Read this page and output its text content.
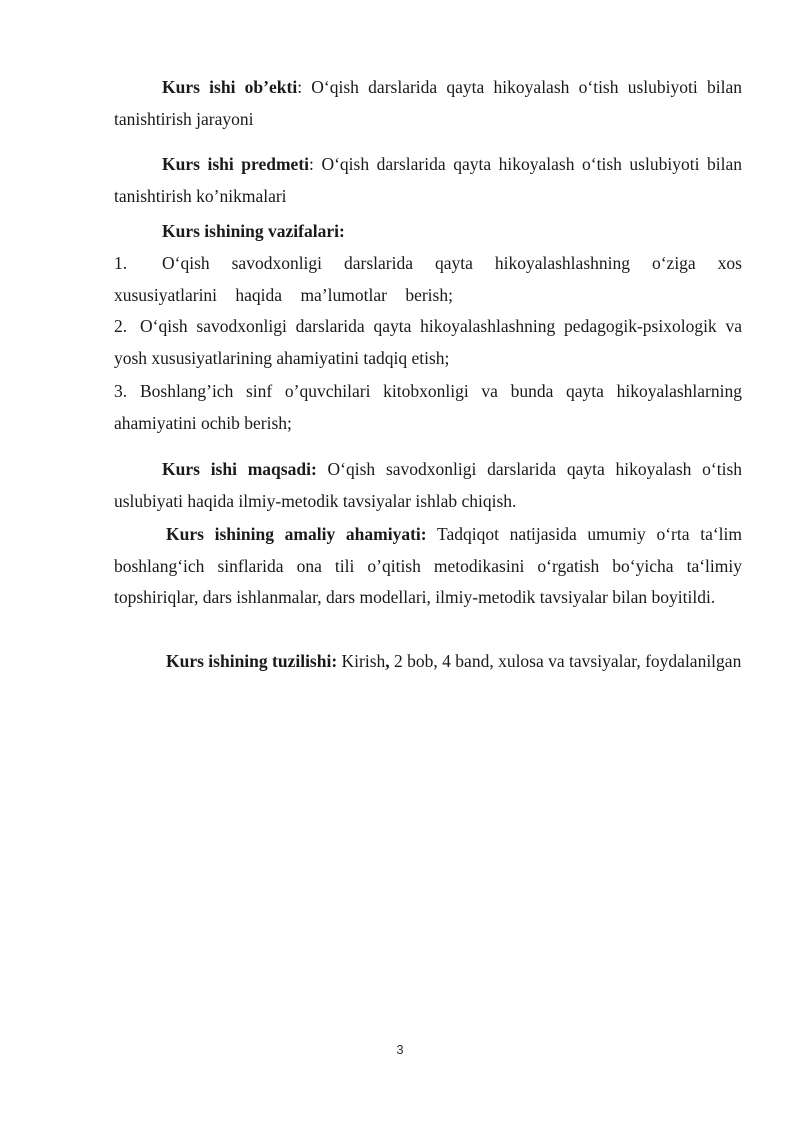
Kurs ishi ob’ekti: O‘qish darslarida qayta hikoyalash o‘tish uslubiyoti bilan tanishtirish jarayoni

Kurs ishi predmeti: O‘qish darslarida qayta hikoyalash o‘tish uslubiyoti bilan tanishtirish ko’nikmalari

Kurs ishining vazifalari:

1. O‘qish savodxonligi darslarida qayta hikoyalashlashning o‘ziga xos xususiyatlarini haqida ma’lumotlar berish;

2. O‘qish savodxonligi darslarida qayta hikoyalashlashning pedagogik-psixologik va yosh xususiyatlarining ahamiyatini tadqiq etish;

3. Boshlang’ich sinf o’quvchilari kitobxonligi va bunda qayta hikoyalashlarning ahamiyatini ochib berish;

Kurs ishi maqsadi: O‘qish savodxonligi darslarida qayta hikoyalash o‘tish uslubiyati haqida ilmiy-metodik tavsiyalar ishlab chiqish.

Kurs ishining amaliy ahamiyati: Tadqiqot natijasida umumiy o‘rta ta‘lim boshlang‘ich sinflarida ona tili o’qitish metodikasini o‘rgatish bo‘yicha ta‘limiy topshiriqlar, dars ishlanmalar, dars modellari, ilmiy-metodik tavsiyalar bilan boyitildi.

Kurs ishining tuzilishi: Kirish, 2 bob, 4 band, xulosa va tavsiyalar, foydalanilgan

3
